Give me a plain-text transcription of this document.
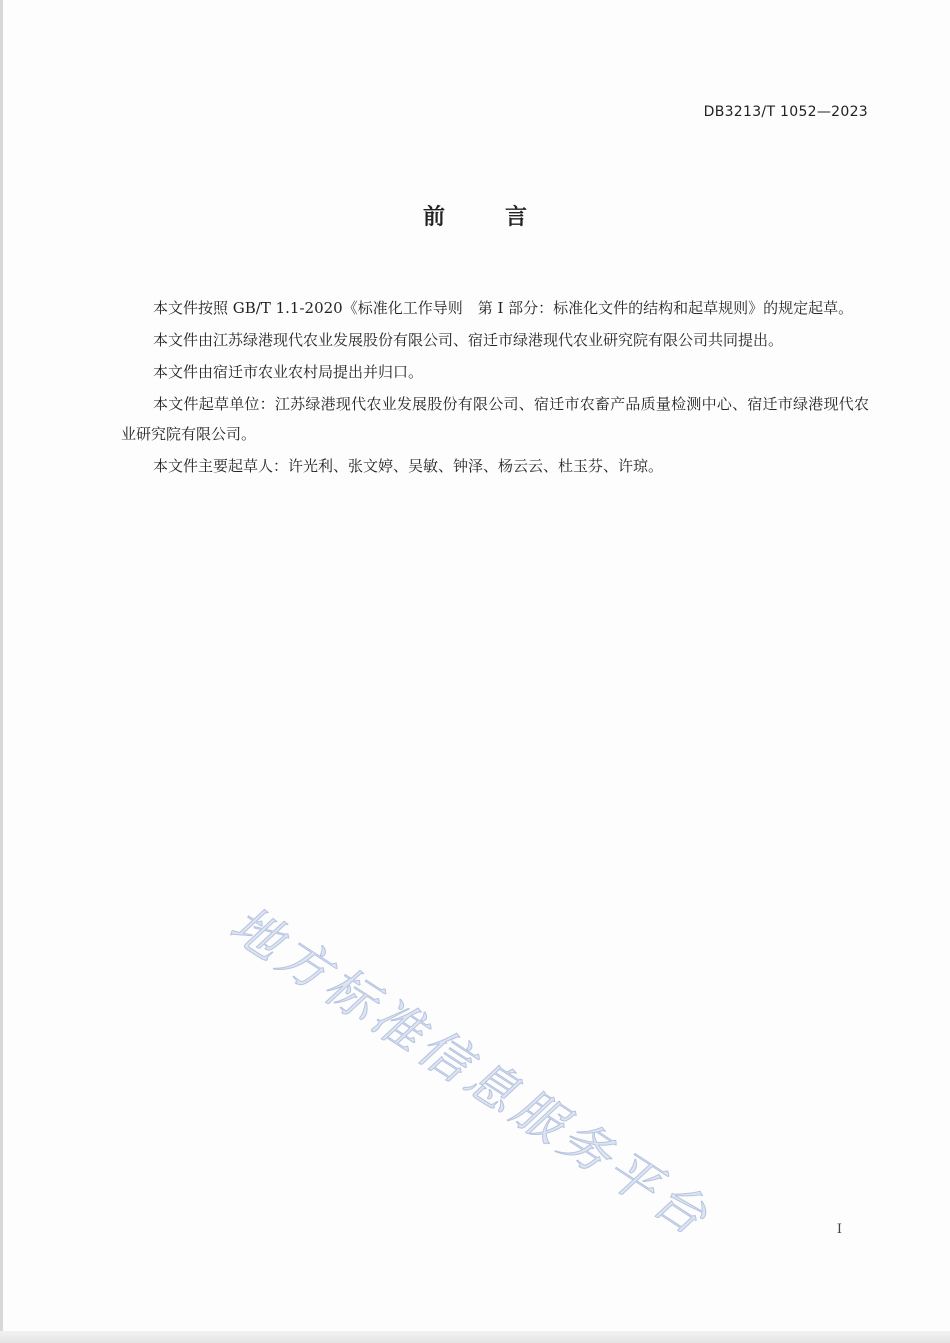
DB3213/T 1052—2023
前	言

本文件按照 GB/T 1.1-2020《标准化工作导则　第 I 部分：标准化文件的结构和起草规则》的规定起草。

本文件由江苏绿港现代农业发展股份有限公司、宿迁市绿港现代农业研究院有限公司共同提出。

本文件由宿迁市农业农村局提出并归口。

本文件起草单位：江苏绿港现代农业发展股份有限公司、宿迁市农畜产品质量检测中心、宿迁市绿港现代农业研究院有限公司。

本文件主要起草人：许光利、张文婷、吴敏、钟泽、杨云云、杜玉芬、许琼。

地方标准信息服务平台	I
